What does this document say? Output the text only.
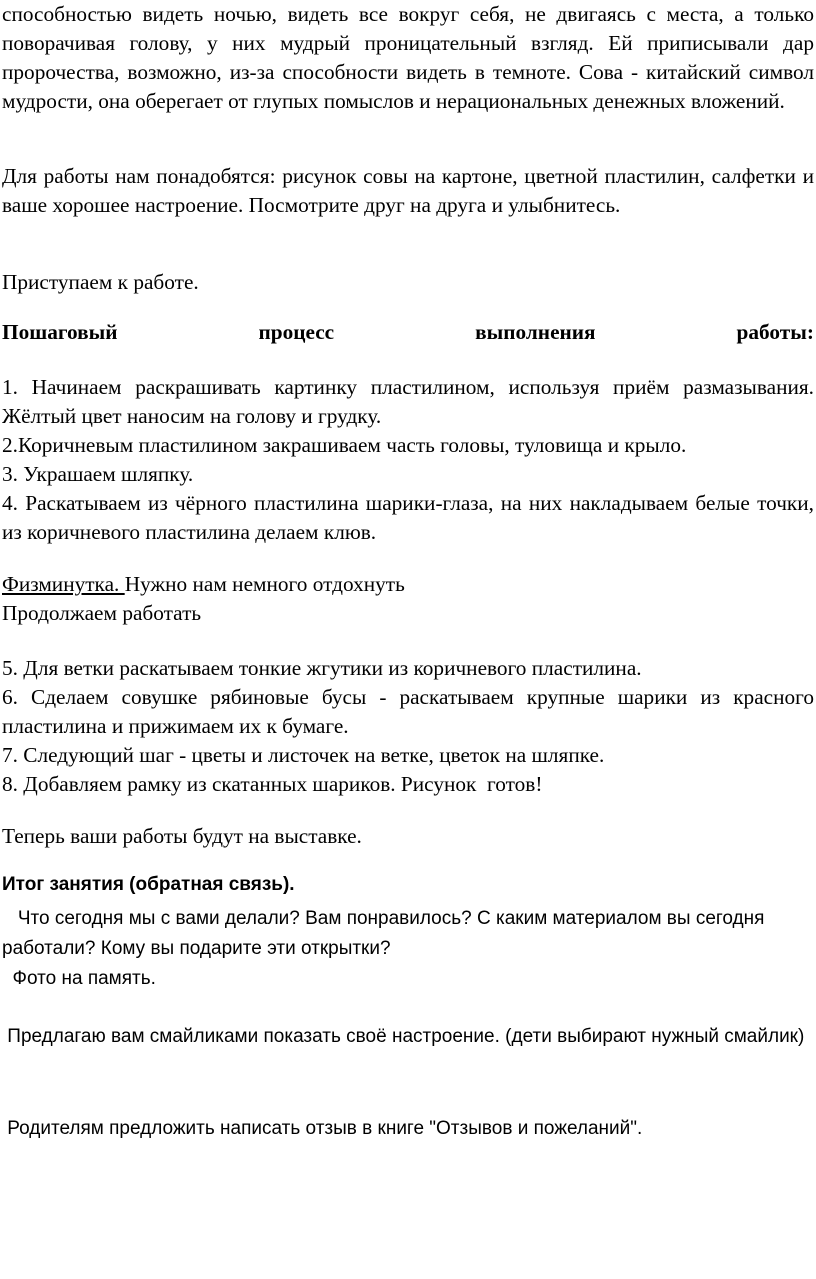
способностью видеть ночью, видеть все вокруг себя, не двигаясь с места, а только поворачивая голову, у них мудрый проницательный взгляд. Ей приписывали дар пророчества, возможно, из-за способности видеть в темноте. Сова - китайский символ мудрости, она оберегает от глупых помыслов и нерациональных денежных вложений.

Для работы нам понадобятся: рисунок совы на картоне, цветной пластилин, салфетки и ваше хорошее настроение. Посмотрите друг на друга и улыбнитесь.

Приступаем к работе.

Пошаговый	процесс	выполнения	работы:
1. Начинаем раскрашивать картинку пластилином, используя приём размазывания. Жёлтый цвет наносим на голову и грудку.
2.Коричневым пластилином закрашиваем часть головы, туловища и крыло.
3. Украшаем шляпку.
4. Раскатываем из чёрного пластилина шарики-глаза, на них накладываем белые точки, из коричневого пластилина делаем клюв.
Физминутка. Нужно нам немного отдохнуть
Продолжаем работать
5. Для ветки раскатываем тонкие жгутики из коричневого пластилина.
6. Сделаем совушке рябиновые бусы - раскатываем крупные шарики из красного пластилина и прижимаем их к бумаге.
7. Следующий шаг - цветы и листочек на ветке, цветок на шляпке.
8. Добавляем рамку из скатанных шариков. Рисунок  готов!

Теперь ваши работы будут на выставке.

Итог занятия (обратная связь).
Что сегодня мы с вами делали? Вам понравилось? С каким материалом вы сегодня работали? Кому вы подарите эти открытки?
Фото на память.
Предлагаю вам смайликами показать своё настроение. (дети выбирают нужный смайлик)
Родителям предложить написать отзыв в книге "Отзывов и пожеланий".
